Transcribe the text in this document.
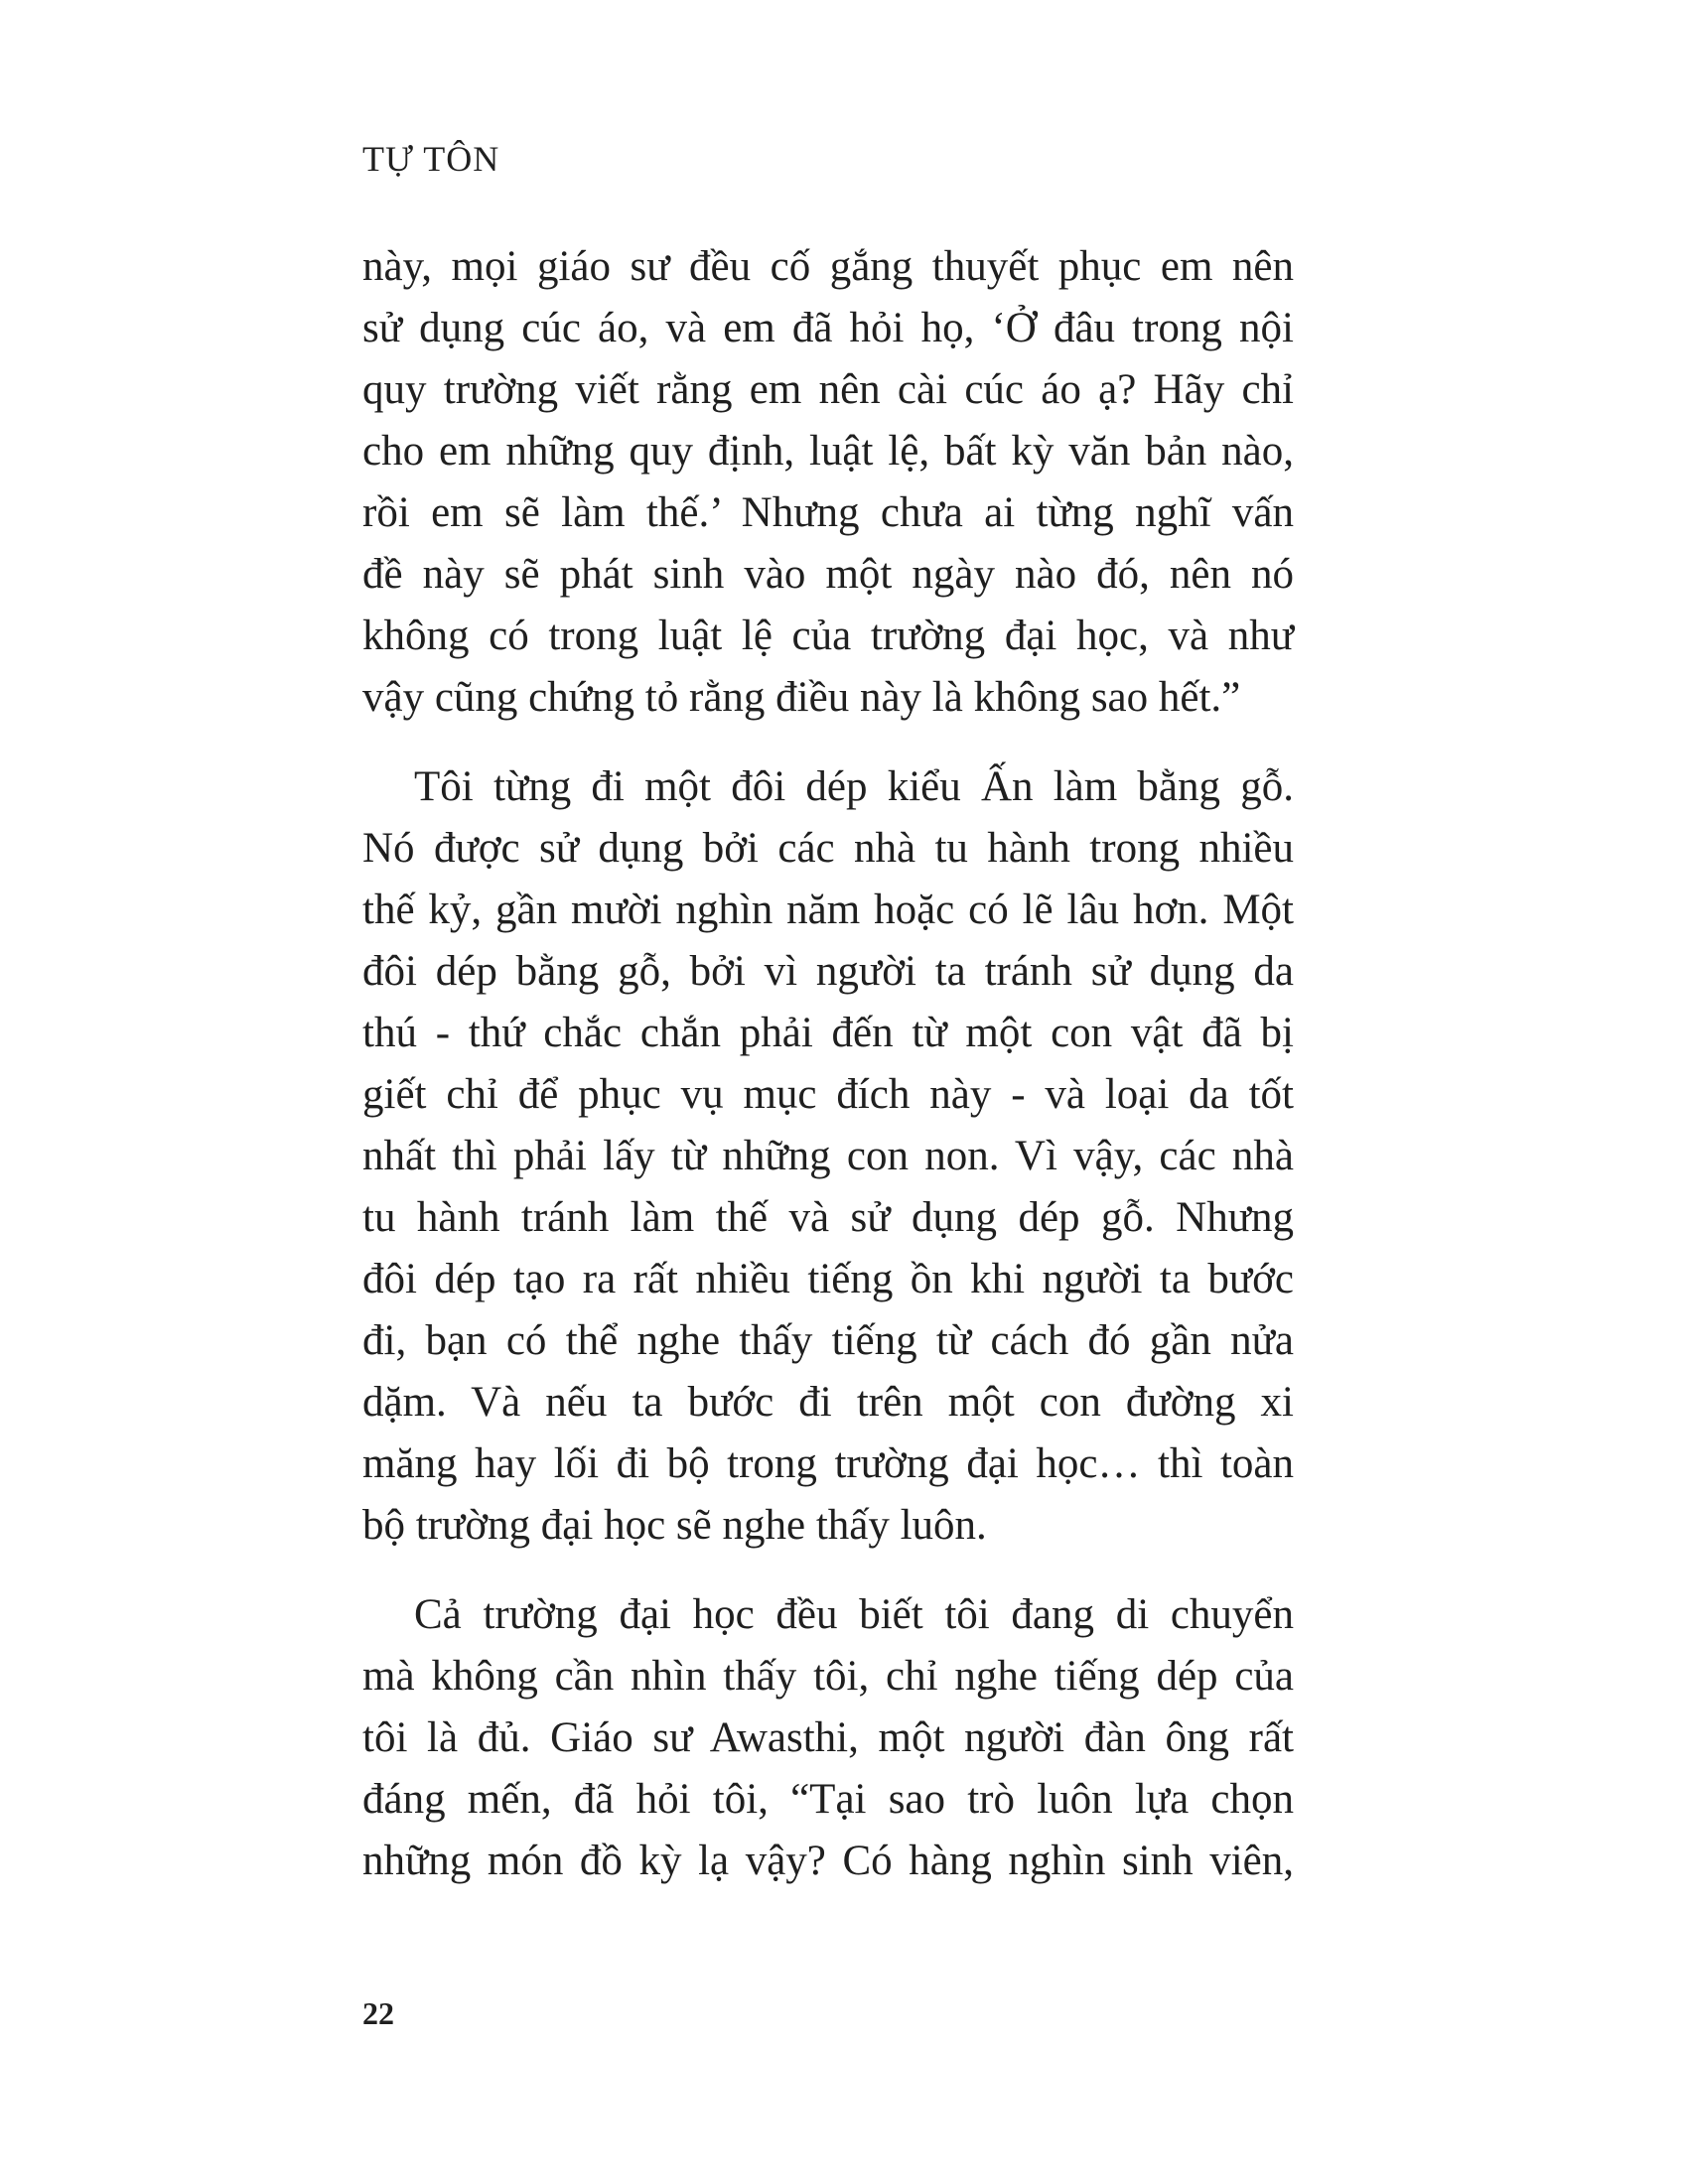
TỰ TÔN
này, mọi giáo sư đều cố gắng thuyết phục em nên
sử dụng cúc áo, và em đã hỏi họ, ‘Ở đâu trong nội
quy trường viết rằng em nên cài cúc áo ạ? Hãy chỉ
cho em những quy định, luật lệ, bất kỳ văn bản nào,
rồi em sẽ làm thế.’ Nhưng chưa ai từng nghĩ vấn
đề này sẽ phát sinh vào một ngày nào đó, nên nó
không có trong luật lệ của trường đại học, và như
vậy cũng chứng tỏ rằng điều này là không sao hết.”
Tôi từng đi một đôi dép kiểu Ấn làm bằng gỗ.
Nó được sử dụng bởi các nhà tu hành trong nhiều
thế kỷ, gần mười nghìn năm hoặc có lẽ lâu hơn. Một
đôi dép bằng gỗ, bởi vì người ta tránh sử dụng da
thú - thứ chắc chắn phải đến từ một con vật đã bị
giết chỉ để phục vụ mục đích này - và loại da tốt
nhất thì phải lấy từ những con non. Vì vậy, các nhà
tu hành tránh làm thế và sử dụng dép gỗ. Nhưng
đôi dép tạo ra rất nhiều tiếng ồn khi người ta bước
đi, bạn có thể nghe thấy tiếng từ cách đó gần nửa
dặm. Và nếu ta bước đi trên một con đường xi
măng hay lối đi bộ trong trường đại học… thì toàn
bộ trường đại học sẽ nghe thấy luôn.
Cả trường đại học đều biết tôi đang di chuyển
mà không cần nhìn thấy tôi, chỉ nghe tiếng dép của
tôi là đủ. Giáo sư Awasthi, một người đàn ông rất
đáng mến, đã hỏi tôi, “Tại sao trò luôn lựa chọn
những món đồ kỳ lạ vậy? Có hàng nghìn sinh viên,
22
